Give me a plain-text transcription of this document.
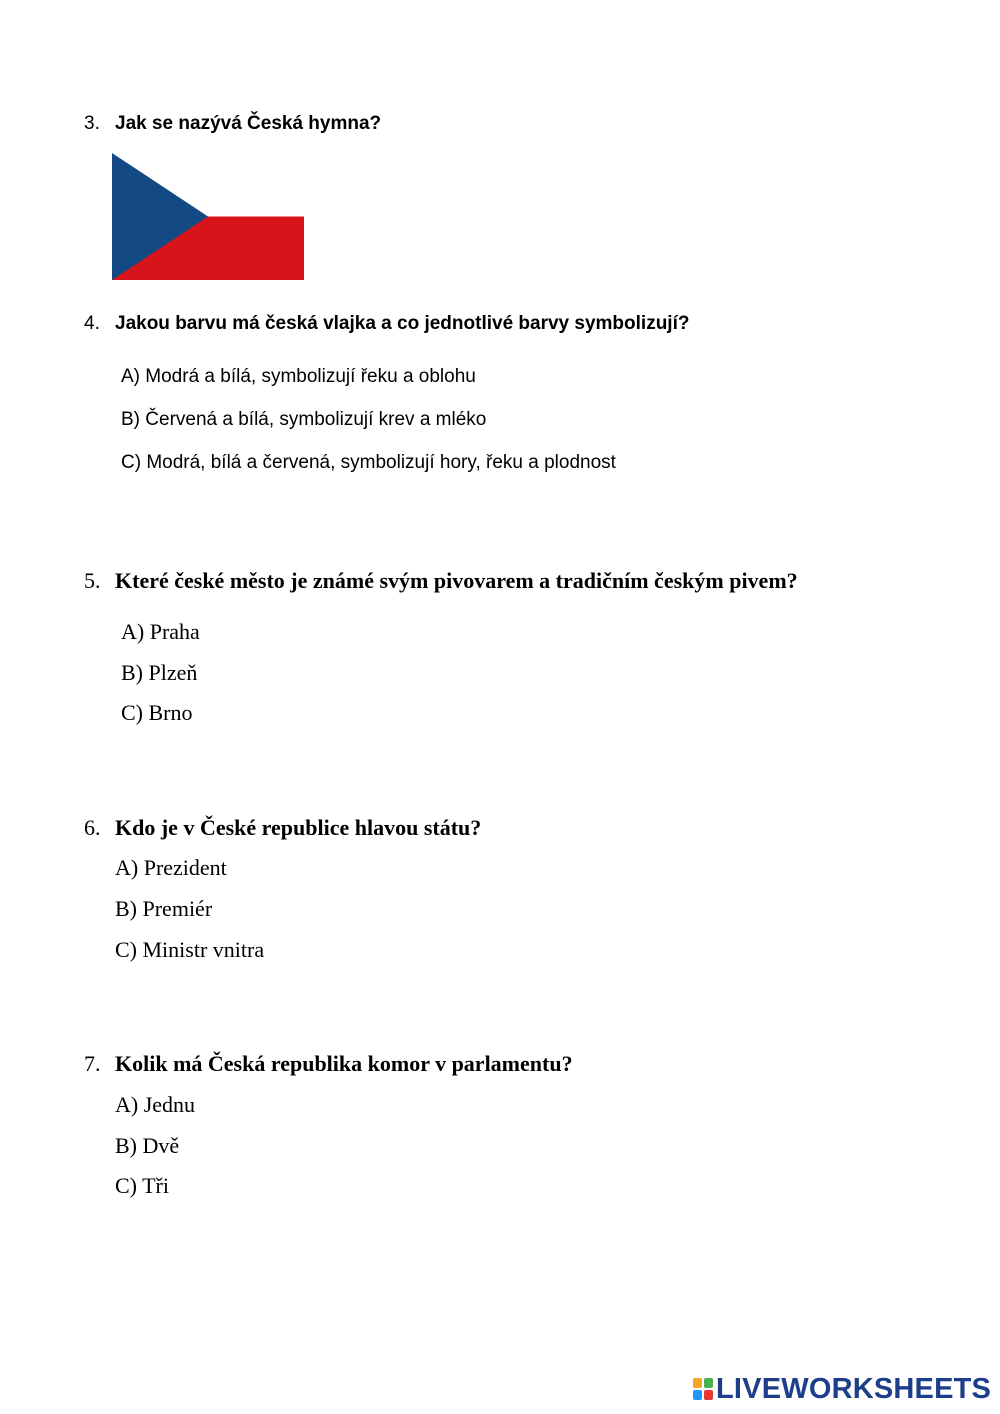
3. Jak se nazývá Česká hymna?

4. Jakou barvu má česká vlajka a co jednotlivé barvy symbolizují?

A) Modrá a bílá, symbolizují řeku a oblohu

B) Červená a bílá, symbolizují krev a mléko

C) Modrá, bílá a červená, symbolizují hory, řeku a plodnost

5. Které české město je známé svým pivovarem a tradičním českým pivem?

A) Praha

B) Plzeň

C) Brno

6. Kdo je v České republice hlavou státu?

A) Prezident

B) Premiér

C) Ministr vnitra

7. Kolik má Česká republika komor v parlamentu?

A) Jednu

B) Dvě

C) Tři

LIVEWORKSHEETS
